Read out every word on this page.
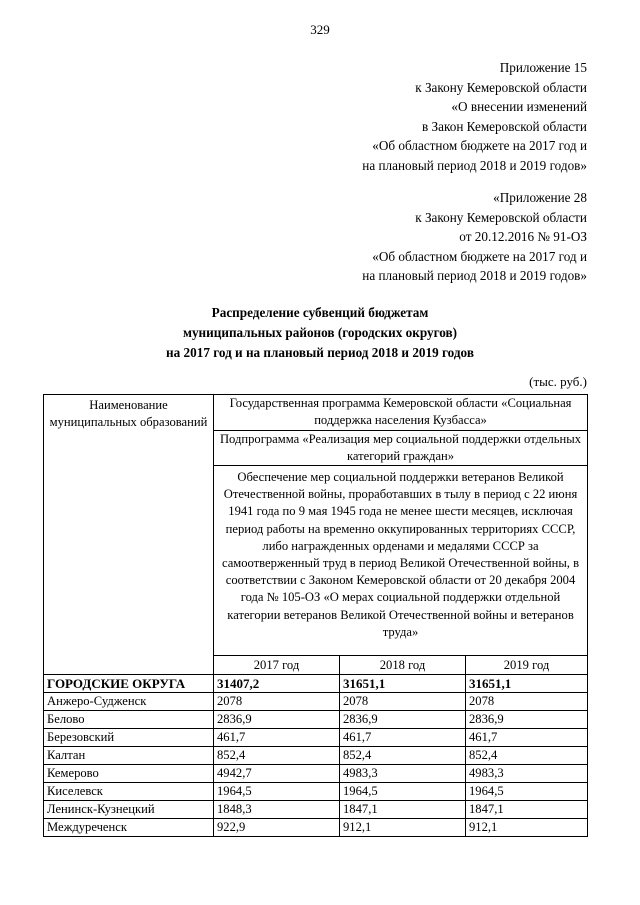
329
Приложение 15
к Закону Кемеровской области
«О внесении изменений
в Закон Кемеровской области
«Об областном бюджете на 2017 год и
на плановый период 2018 и 2019 годов»
«Приложение 28
к Закону Кемеровской области
от 20.12.2016 № 91-ОЗ
«Об областном бюджете на 2017 год и
на плановый период 2018 и 2019 годов»
Распределение субвенций бюджетам
муниципальных районов (городских округов)
на 2017 год и на плановый период 2018 и 2019 годов
(тыс. руб.)
Наименование муниципальных образований	Государственная программа Кемеровской области «Социальная поддержка населения Кузбасса»		
	Подпрограмма «Реализация мер социальной поддержки отдельных категорий граждан»		
	Обеспечение мер социальной поддержки ветеранов Великой Отечественной войны, проработавших в тылу в период с 22 июня 1941 года по 9 мая 1945 года не менее шести месяцев, исключая период работы на временно оккупированных территориях СССР, либо награжденных орденами и медалями СССР за самоотверженный труд в период Великой Отечественной войны, в соответствии с Законом Кемеровской области от 20 декабря 2004 года № 105-ОЗ «О мерах социальной поддержки отдельной категории ветеранов Великой Отечественной войны и ветеранов труда»		
	2017 год	2018 год	2019 год
ГОРОДСКИЕ ОКРУГА	31407,2	31651,1	31651,1
Анжеро-Судженск	2078	2078	2078
Белово	2836,9	2836,9	2836,9
Березовский	461,7	461,7	461,7
Калтан	852,4	852,4	852,4
Кемерово	4942,7	4983,3	4983,3
Киселевск	1964,5	1964,5	1964,5
Ленинск-Кузнецкий	1848,3	1847,1	1847,1
Междуреченск	922,9	912,1	912,1
